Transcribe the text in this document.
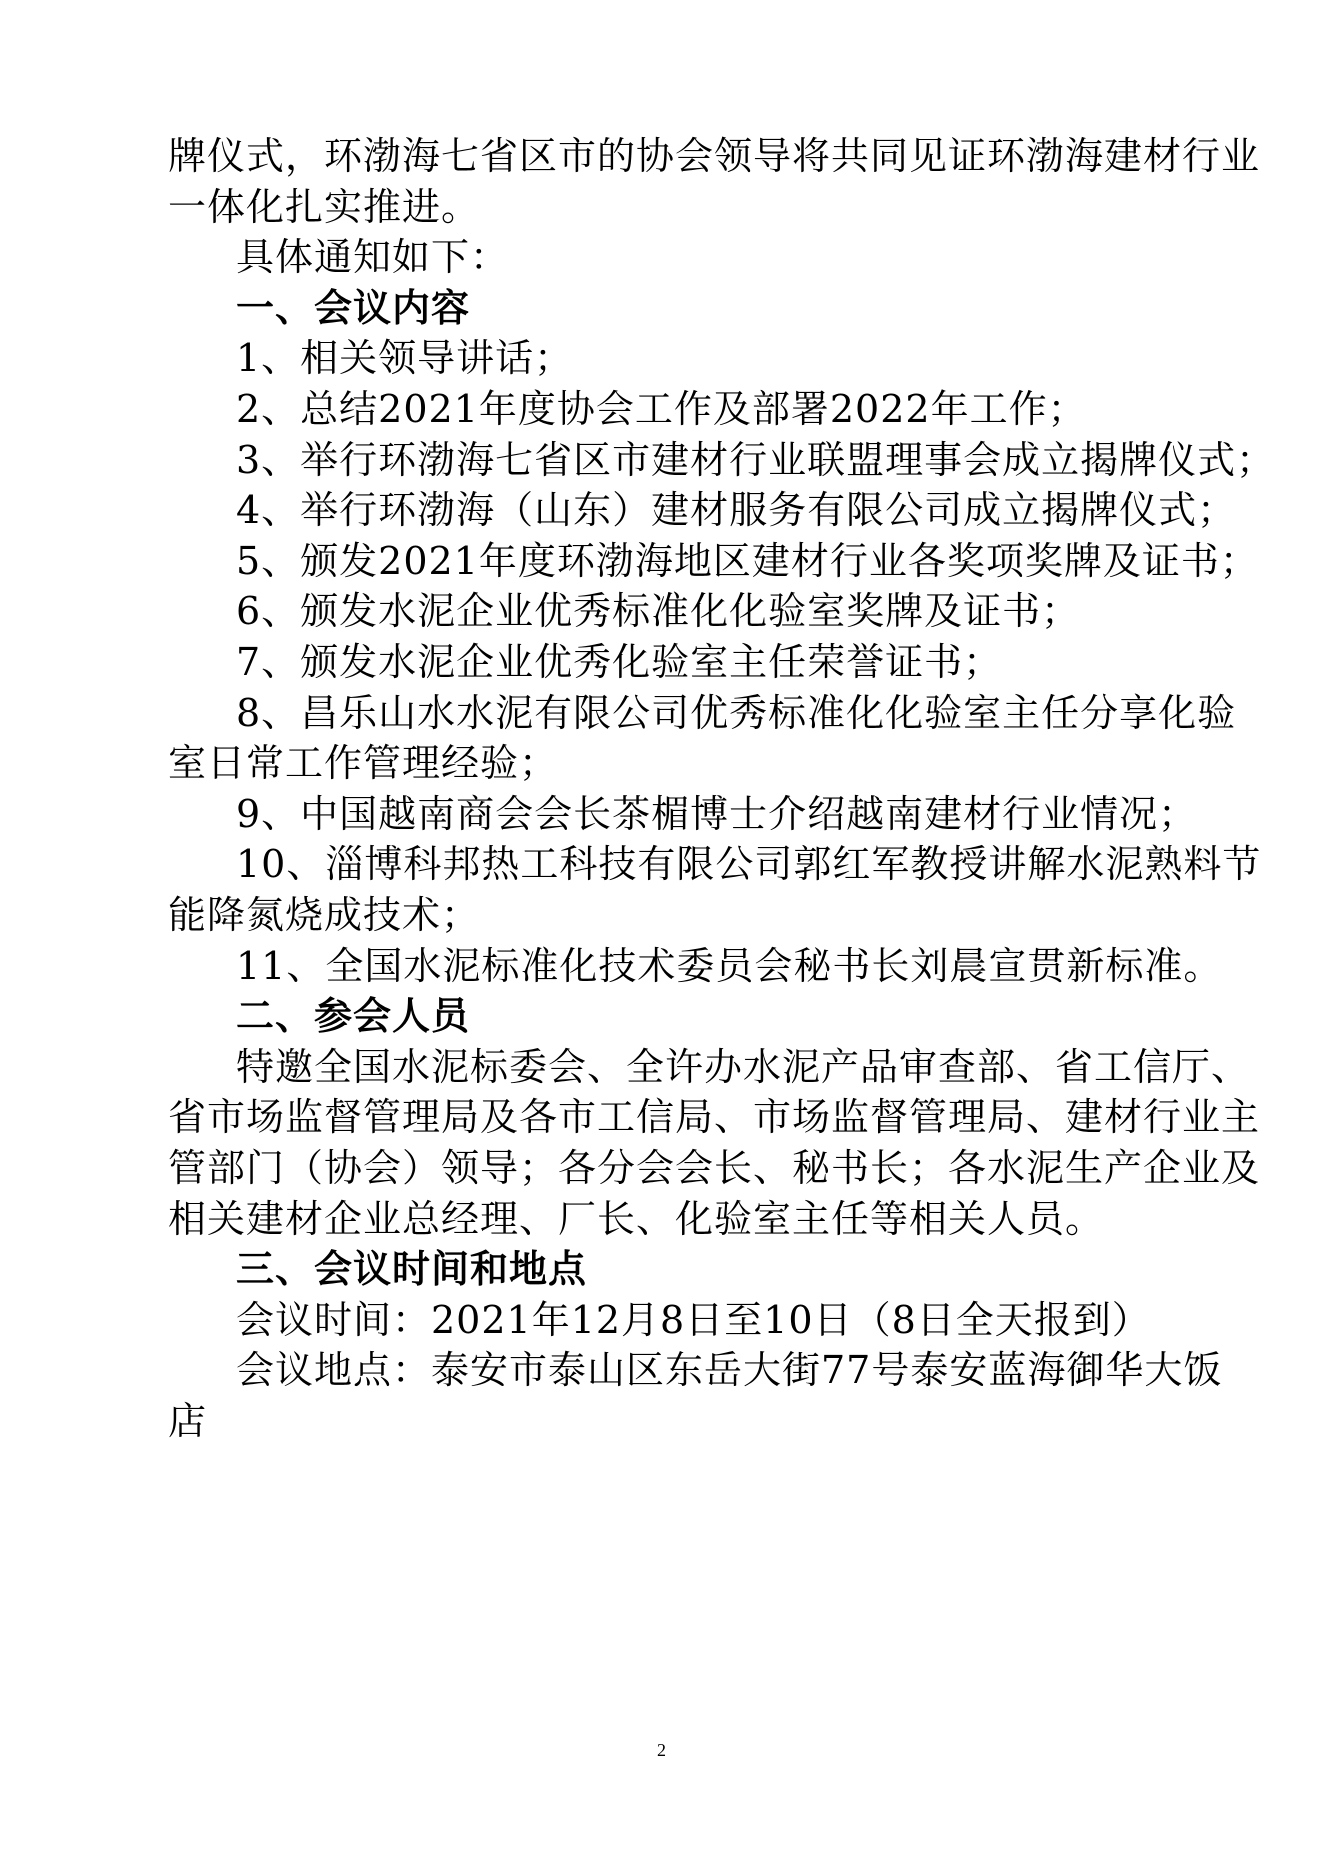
牌仪式，环渤海七省区市的协会领导将共同见证环渤海建材行业
一体化扎实推进。
具体通知如下：
一、会议内容
1、相关领导讲话；
2、总结2021年度协会工作及部署2022年工作；
3、举行环渤海七省区市建材行业联盟理事会成立揭牌仪式；
4、举行环渤海（山东）建材服务有限公司成立揭牌仪式；
5、颁发2021年度环渤海地区建材行业各奖项奖牌及证书；
6、颁发水泥企业优秀标准化化验室奖牌及证书；
7、颁发水泥企业优秀化验室主任荣誉证书；
8、昌乐山水水泥有限公司优秀标准化化验室主任分享化验
室日常工作管理经验；
9、中国越南商会会长茶楣博士介绍越南建材行业情况；
10、淄博科邦热工科技有限公司郭红军教授讲解水泥熟料节
能降氮烧成技术；
11、全国水泥标准化技术委员会秘书长刘晨宣贯新标准。
二、参会人员
特邀全国水泥标委会、全许办水泥产品审查部、省工信厅、
省市场监督管理局及各市工信局、市场监督管理局、建材行业主
管部门（协会）领导；各分会会长、秘书长；各水泥生产企业及
相关建材企业总经理、厂长、化验室主任等相关人员。
三、会议时间和地点
会议时间：2021年12月8日至10日（8日全天报到）
会议地点：泰安市泰山区东岳大街77号泰安蓝海御华大饭
店
2
